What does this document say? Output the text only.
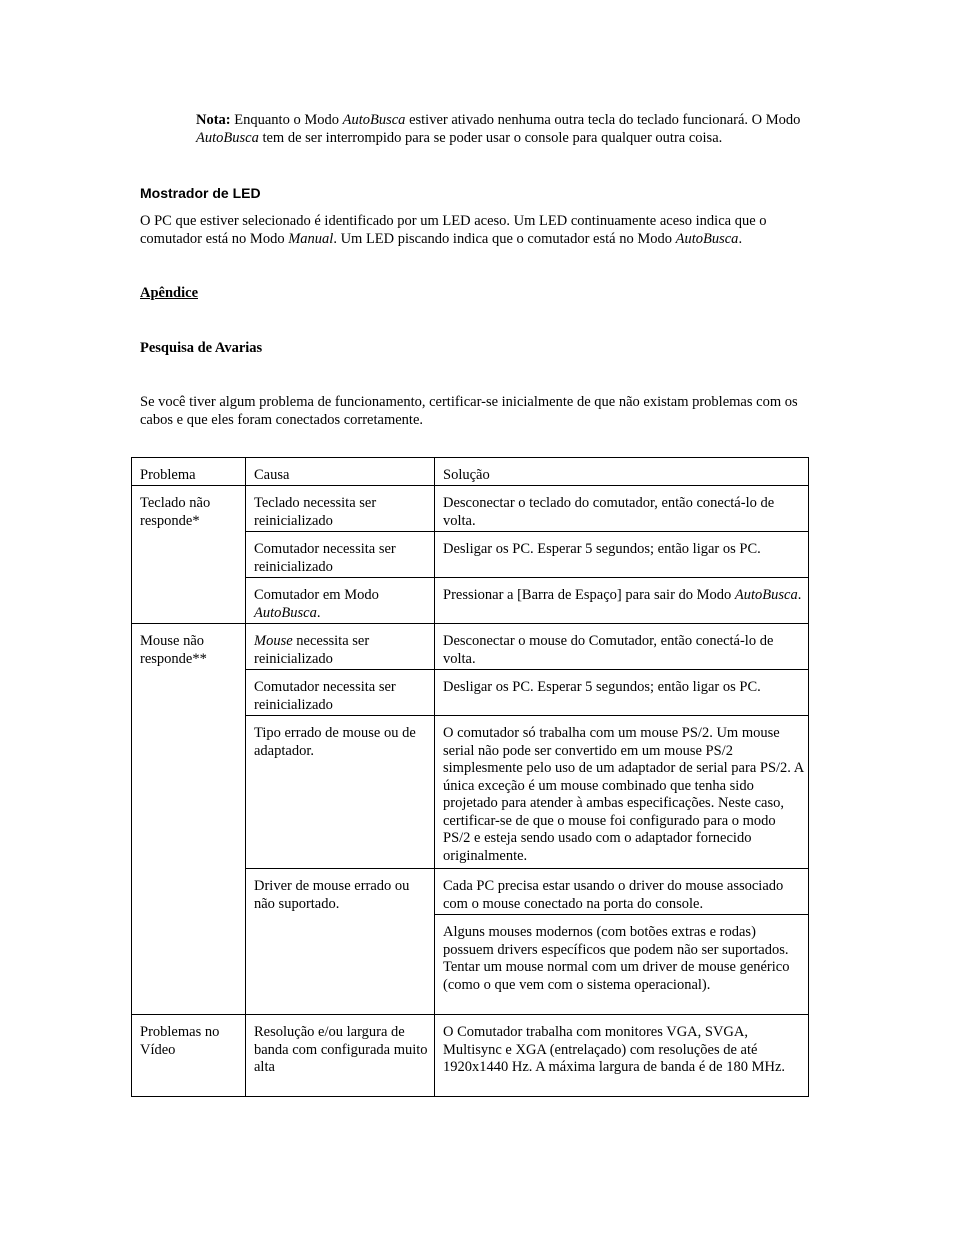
Nota: Enquanto o Modo AutoBusca estiver ativado nenhuma outra tecla do teclado funcionará. O Modo AutoBusca tem de ser interrompido para se poder usar o console para qualquer outra coisa.
Mostrador de LED
O PC que estiver selecionado é identificado por um LED aceso. Um LED continuamente aceso indica que o comutador está no Modo Manual. Um LED piscando indica que o comutador está no Modo AutoBusca.
Apêndice
Pesquisa de Avarias
Se você tiver algum problema de funcionamento, certificar-se inicialmente de que não existam problemas com os cabos e que eles foram conectados corretamente.
Problema	Causa	Solução
Teclado não responde*
Teclado necessita ser reinicializado
Desconectar o teclado do comutador, então conectá-lo de volta.
Comutador necessita ser reinicializado
Desligar os PC. Esperar 5 segundos; então ligar os PC.
Comutador em Modo AutoBusca.
Pressionar a [Barra de Espaço] para sair do Modo AutoBusca.
Mouse não responde**
Mouse necessita ser reinicializado
Desconectar o mouse do Comutador, então conectá-lo de volta.
Comutador necessita ser reinicializado
Desligar os PC. Esperar 5 segundos; então ligar os PC.
Tipo errado de mouse ou de adaptador.
O comutador só trabalha com um mouse PS/2. Um mouse serial não pode ser convertido em um mouse PS/2 simplesmente pelo uso de um adaptador de serial para PS/2. A única exceção é um mouse combinado que tenha sido projetado para atender à ambas especificações. Neste caso, certificar-se de que o mouse foi configurado para o modo PS/2 e esteja sendo usado com o adaptador fornecido originalmente.
Driver de mouse errado ou não suportado.
Cada PC precisa estar usando o driver do mouse associado com o mouse conectado na porta do console.
Alguns mouses modernos (com botões extras e rodas) possuem drivers específicos que podem não ser suportados. Tentar um mouse normal com um driver de mouse genérico (como o que vem com o sistema operacional).
Problemas no Vídeo
Resolução e/ou largura de banda com configurada muito alta
O Comutador trabalha com monitores VGA, SVGA, Multisync e XGA (entrelaçado) com resoluções de até 1920x1440 Hz. A máxima largura de banda é de 180 MHz.
